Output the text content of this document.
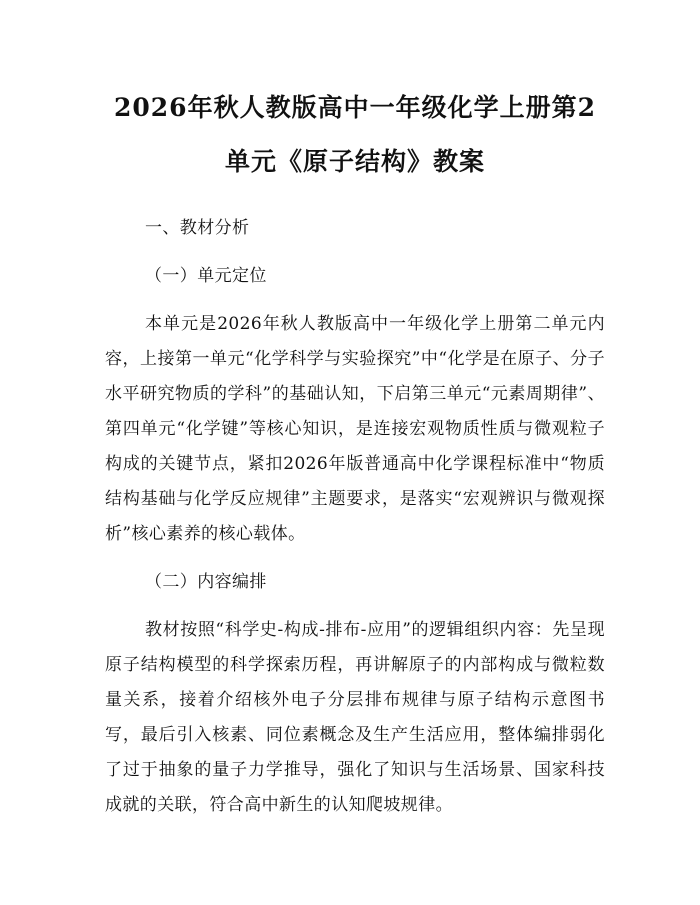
2026年秋人教版高中一年级化学上册第2单元《原子结构》教案

一、教材分析

（一）单元定位

本单元是2026年秋人教版高中一年级化学上册第二单元内容，上接第一单元“化学科学与实验探究”中“化学是在原子、分子水平研究物质的学科”的基础认知，下启第三单元“元素周期律”、第四单元“化学键”等核心知识，是连接宏观物质性质与微观粒子构成的关键节点，紧扣2026年版普通高中化学课程标准中“物质结构基础与化学反应规律”主题要求，是落实“宏观辨识与微观探析”核心素养的核心载体。

（二）内容编排

教材按照“科学史-构成-排布-应用”的逻辑组织内容：先呈现原子结构模型的科学探索历程，再讲解原子的内部构成与微粒数量关系，接着介绍核外电子分层排布规律与原子结构示意图书写，最后引入核素、同位素概念及生产生活应用，整体编排弱化了过于抽象的量子力学推导，强化了知识与生活场景、国家科技成就的关联，符合高中新生的认知爬坡规律。
